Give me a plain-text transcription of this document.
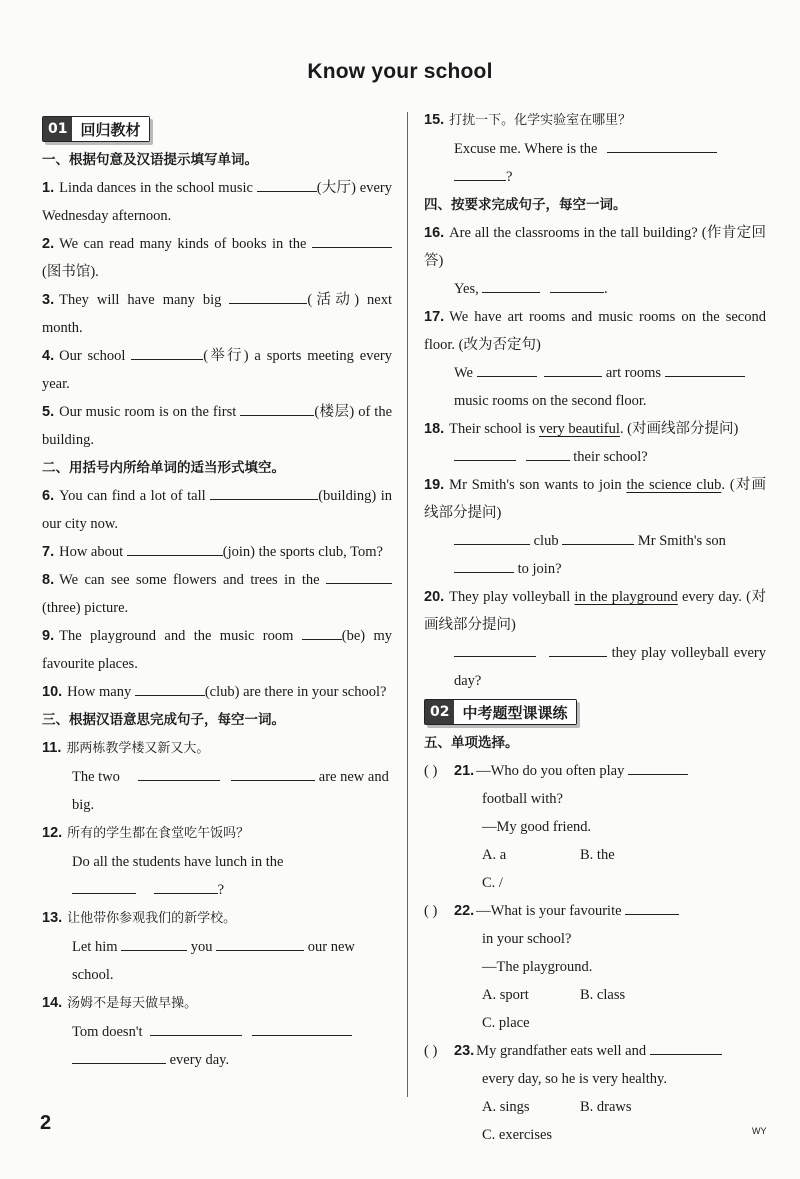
Know your school
01 回归教材
一、根据句意及汉语提示填写单词。
1. Linda dances in the school music	(大厅) every Wednesday afternoon.
2. We can read many kinds of books in the (图书馆).
3. They will have many big	(活动) next month.
4. Our school	(举行) a sports meeting every year.
5. Our music room is on the first	(楼层) of the building.
二、用括号内所给单词的适当形式填空。
6. You can find a lot of tall	(building) in our city now.
7. How about	(join) the sports club, Tom?
8. We can see some flowers and trees in the (three) picture.
9. The playground and the music room	(be) my favourite places.
10. How many	(club) are there in your school?
三、根据汉语意思完成句子，每空一词。
11. 那两栋教学楼又新又大。
The two	are new and big.
12. 所有的学生都在食堂吃午饭吗？
Do all the students have lunch in the
?
13. 让他带你参观我们的新学校。
Let him	you	our new school.
14. 汤姆不是每天做早操。
Tom doesn't
every day.
15. 打扰一下。化学实验室在哪里？
Excuse me. Where is the
?
四、按要求完成句子，每空一词。
16. Are all the classrooms in the tall building? (作肯定回答)
Yes,	.
17. We have art rooms and music rooms on the second floor. (改为否定句)
We	art rooms
music rooms on the second floor.
18. Their school is very beautiful. (对画线部分提问)
their school?
19. Mr Smith's son wants to join the science club. (对画线部分提问)
club	Mr Smith's son
to join?
20. They play volleyball in the playground every day. (对画线部分提问)
they play volleyball every day?
02 中考题型课课练
五、单项选择。
( ) 21. —Who do you often play
football with?
—My good friend.
A. a	B. theC. /
( ) 22. —What is your favourite
in your school?
—The playground.
A. sport	B. classC. place
( ) 23. My grandfather eats well and
every day, so he is very healthy.
A. sings	B. drawsC. exercises
2	WY
